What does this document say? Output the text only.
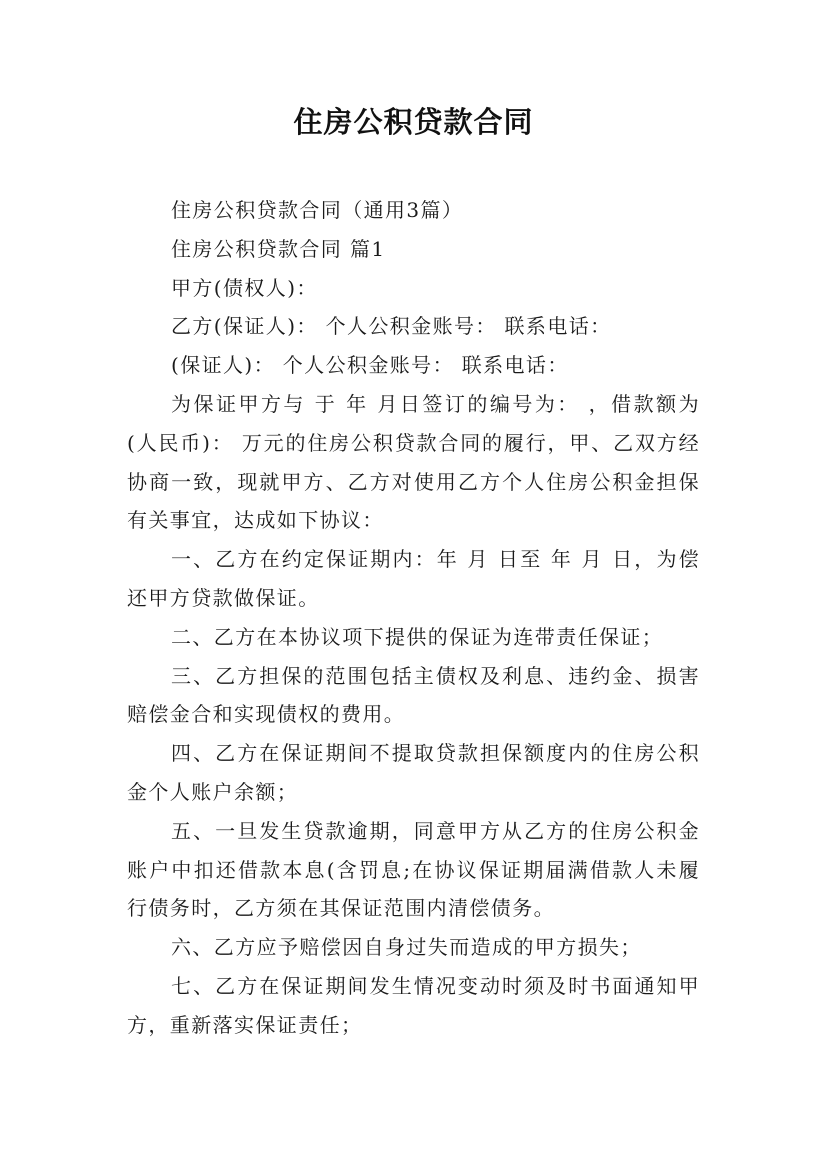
住房公积贷款合同

住房公积贷款合同（通用3篇）

住房公积贷款合同 篇1

甲方(债权人)：

乙方(保证人)： 个人公积金账号： 联系电话：

(保证人)： 个人公积金账号： 联系电话：

为保证甲方与 于 年 月日签订的编号为： ，借款额为(人民币)： 万元的住房公积贷款合同的履行，甲、乙双方经协商一致，现就甲方、乙方对使用乙方个人住房公积金担保有关事宜，达成如下协议：

一、乙方在约定保证期内：年 月 日至 年 月 日，为偿还甲方贷款做保证。

二、乙方在本协议项下提供的保证为连带责任保证；

三、乙方担保的范围包括主债权及利息、违约金、损害赔偿金合和实现债权的费用。

四、乙方在保证期间不提取贷款担保额度内的住房公积金个人账户余额；

五、一旦发生贷款逾期，同意甲方从乙方的住房公积金账户中扣还借款本息(含罚息;在协议保证期届满借款人未履行债务时，乙方须在其保证范围内清偿债务。

六、乙方应予赔偿因自身过失而造成的甲方损失；

七、乙方在保证期间发生情况变动时须及时书面通知甲方，重新落实保证责任；
